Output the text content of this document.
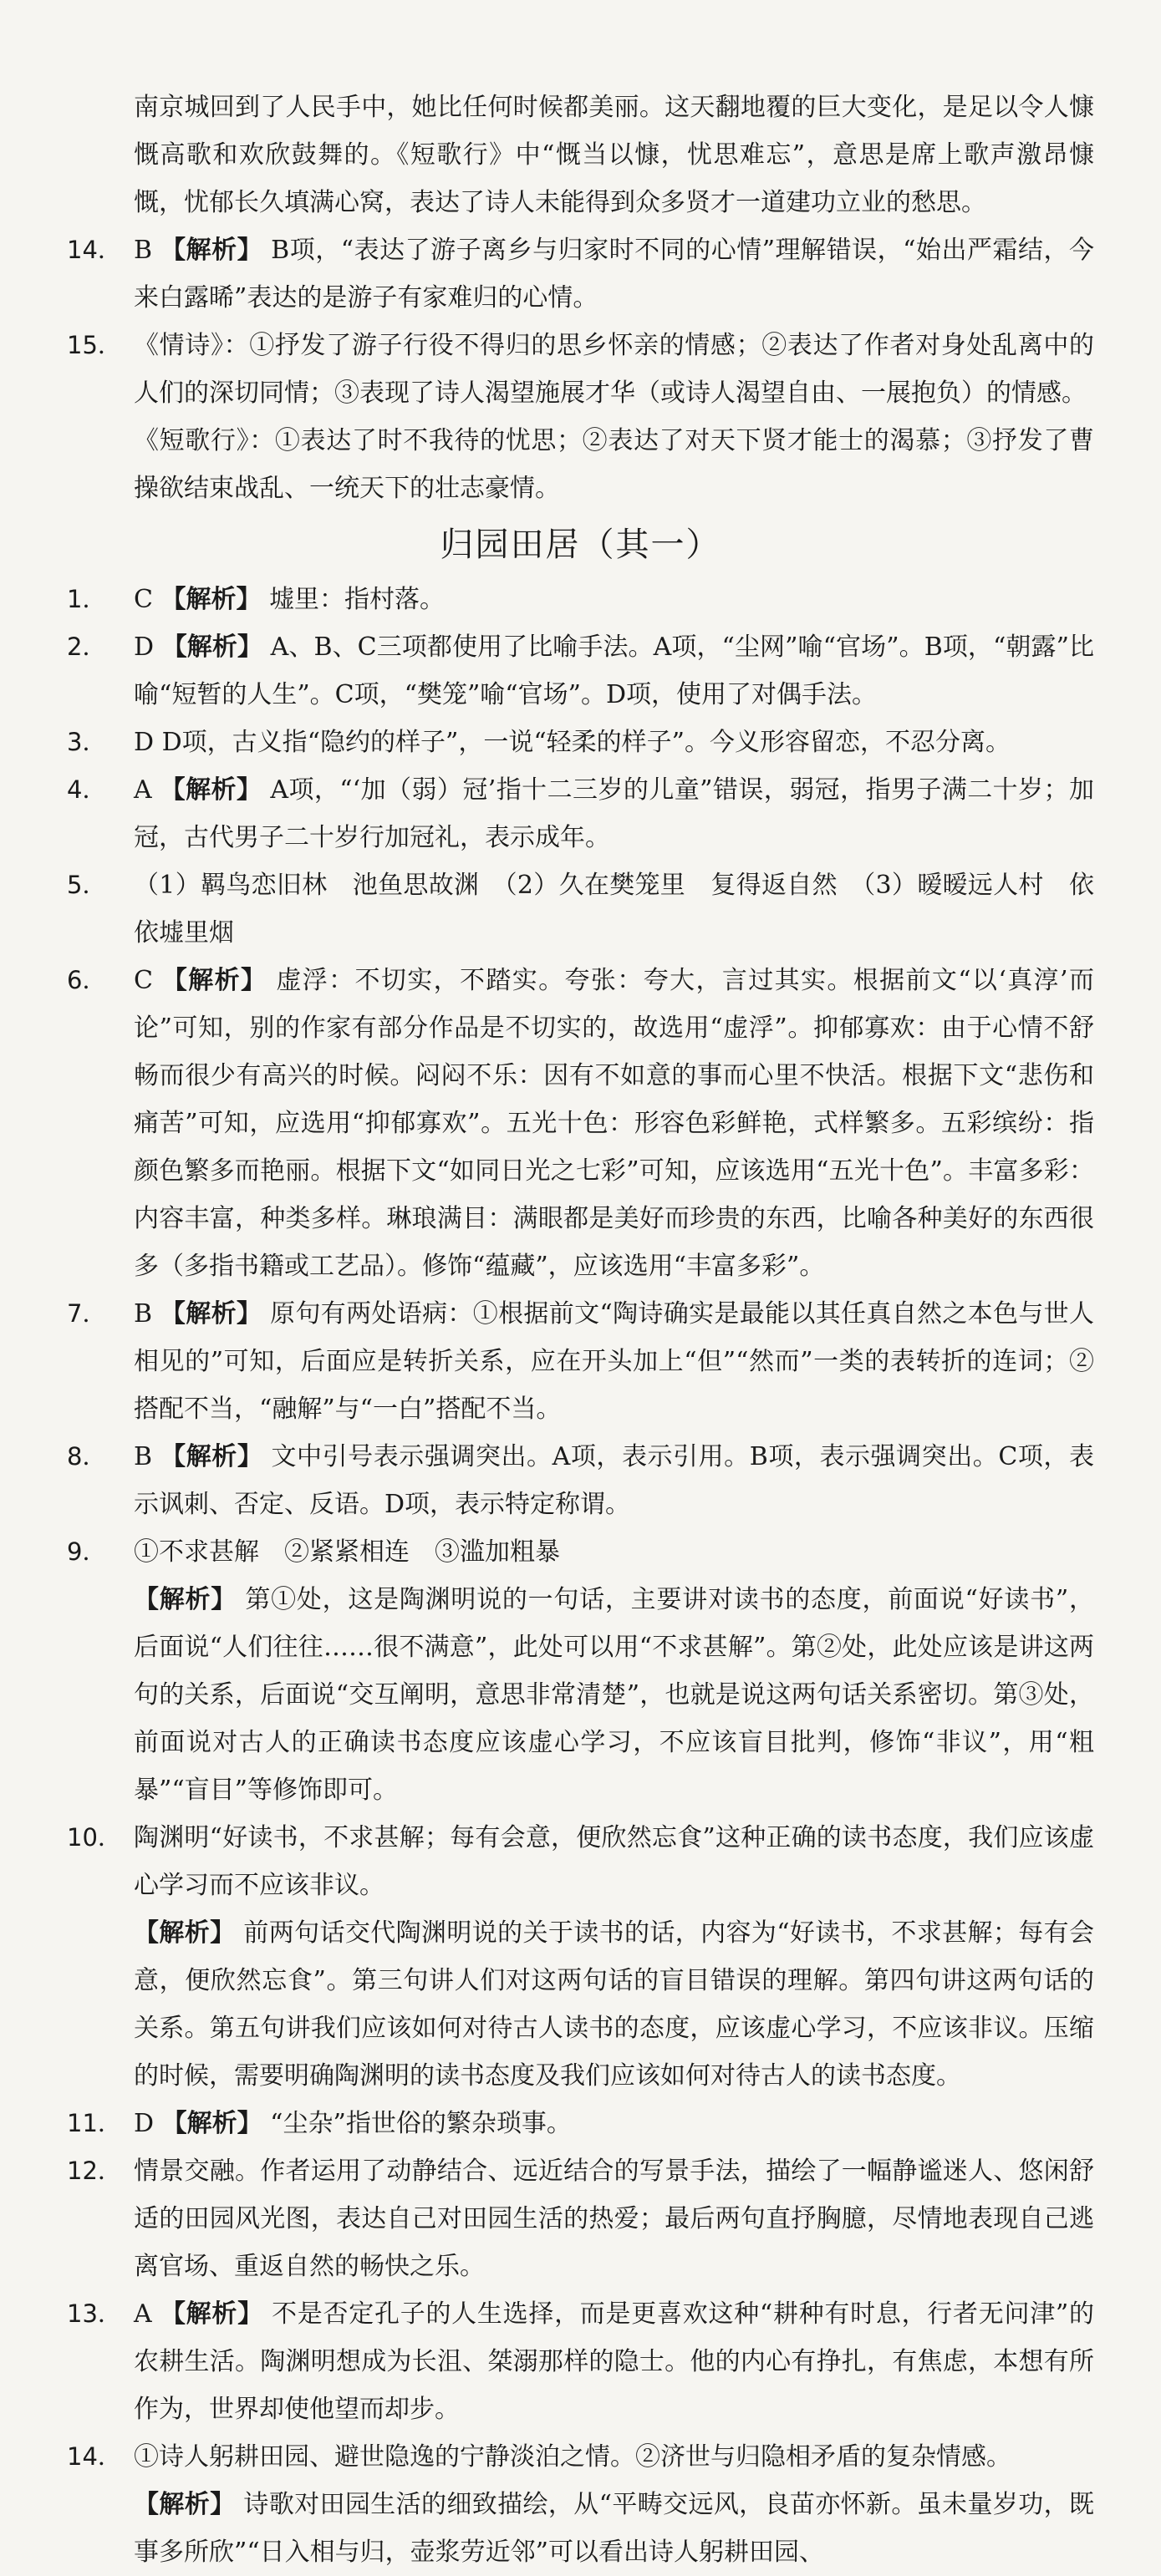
南京城回到了人民手中，她比任何时候都美丽。这天翻地覆的巨大变化，是足以令人慷慨高歌和欢欣鼓舞的。《短歌行》中“慨当以慷，忧思难忘”，意思是席上歌声激昂慷慨，忧郁长久填满心窝，表达了诗人未能得到众多贤才一道建功立业的愁思。
14． B 【解析】 B项，“表达了游子离乡与归家时不同的心情”理解错误，“始出严霜结，今来白露晞”表达的是游子有家难归的心情。
15． 《情诗》：①抒发了游子行役不得归的思乡怀亲的情感；②表达了作者对身处乱离中的人们的深切同情；③表现了诗人渴望施展才华（或诗人渴望自由、一展抱负）的情感。
《短歌行》：①表达了时不我待的忧思；②表达了对天下贤才能士的渴慕；③抒发了曹操欲结束战乱、一统天下的壮志豪情。
归园田居（其一）
1．	C 【解析】 墟里：指村落。
2．	D 【解析】 A、B、C三项都使用了比喻手法。A项，“尘网”喻“官场”。B项，“朝露”比喻“短暂的人生”。C项，“樊笼”喻“官场”。D项，使用了对偶手法。
3．	D D项，古义指“隐约的样子”，一说“轻柔的样子”。今义形容留恋，不忍分离。
4．	A 【解析】 A项，“‘加（弱）冠’指十二三岁的儿童”错误，弱冠，指男子满二十岁；加冠，古代男子二十岁行加冠礼，表示成年。
5．	（1）羁鸟恋旧林　池鱼思故渊　（2）久在樊笼里　复得返自然　（3）暧暧远人村　依依墟里烟
6．	C 【解析】 虚浮：不切实，不踏实。夸张：夸大，言过其实。根据前文“以‘真淳’而论”可知，别的作家有部分作品是不切实的，故选用“虚浮”。抑郁寡欢：由于心情不舒畅而很少有高兴的时候。闷闷不乐：因有不如意的事而心里不快活。根据下文“悲伤和痛苦”可知，应选用“抑郁寡欢”。五光十色：形容色彩鲜艳，式样繁多。五彩缤纷：指颜色繁多而艳丽。根据下文“如同日光之七彩”可知，应该选用“五光十色”。丰富多彩：内容丰富，种类多样。琳琅满目：满眼都是美好而珍贵的东西，比喻各种美好的东西很多（多指书籍或工艺品）。修饰“蕴藏”，应该选用“丰富多彩”。
7．	B 【解析】 原句有两处语病：①根据前文“陶诗确实是最能以其任真自然之本色与世人相见的”可知，后面应是转折关系，应在开头加上“但”“然而”一类的表转折的连词；②搭配不当，“融解”与“一白”搭配不当。
8．	B 【解析】 文中引号表示强调突出。A项，表示引用。B项，表示强调突出。C项，表示讽刺、否定、反语。D项，表示特定称谓。
9．	①不求甚解　②紧紧相连　③滥加粗暴
【解析】 第①处，这是陶渊明说的一句话，主要讲对读书的态度，前面说“好读书”，后面说“人们往往……很不满意”，此处可以用“不求甚解”。第②处，此处应该是讲这两句的关系，后面说“交互阐明，意思非常清楚”，也就是说这两句话关系密切。第③处，前面说对古人的正确读书态度应该虚心学习，不应该盲目批判，修饰“非议”，用“粗暴”“盲目”等修饰即可。
10． 陶渊明“好读书，不求甚解；每有会意，便欣然忘食”这种正确的读书态度，我们应该虚心学习而不应该非议。
【解析】 前两句话交代陶渊明说的关于读书的话，内容为“好读书，不求甚解；每有会意，便欣然忘食”。第三句讲人们对这两句话的盲目错误的理解。第四句讲这两句话的关系。第五句讲我们应该如何对待古人读书的态度，应该虚心学习，不应该非议。压缩的时候，需要明确陶渊明的读书态度及我们应该如何对待古人的读书态度。
11． D 【解析】 “尘杂”指世俗的繁杂琐事。
12． 情景交融。作者运用了动静结合、远近结合的写景手法，描绘了一幅静谧迷人、悠闲舒适的田园风光图，表达自己对田园生活的热爱；最后两句直抒胸臆，尽情地表现自己逃离官场、重返自然的畅快之乐。
13． A 【解析】 不是否定孔子的人生选择，而是更喜欢这种“耕种有时息，行者无问津”的农耕生活。陶渊明想成为长沮、桀溺那样的隐士。他的内心有挣扎，有焦虑，本想有所作为，世界却使他望而却步。
14． ①诗人躬耕田园、避世隐逸的宁静淡泊之情。②济世与归隐相矛盾的复杂情感。
【解析】 诗歌对田园生活的细致描绘，从“平畴交远风，良苗亦怀新。虽未量岁功，既事多所欣”“日入相与归，壶浆劳近邻”可以看出诗人躬耕田园、
